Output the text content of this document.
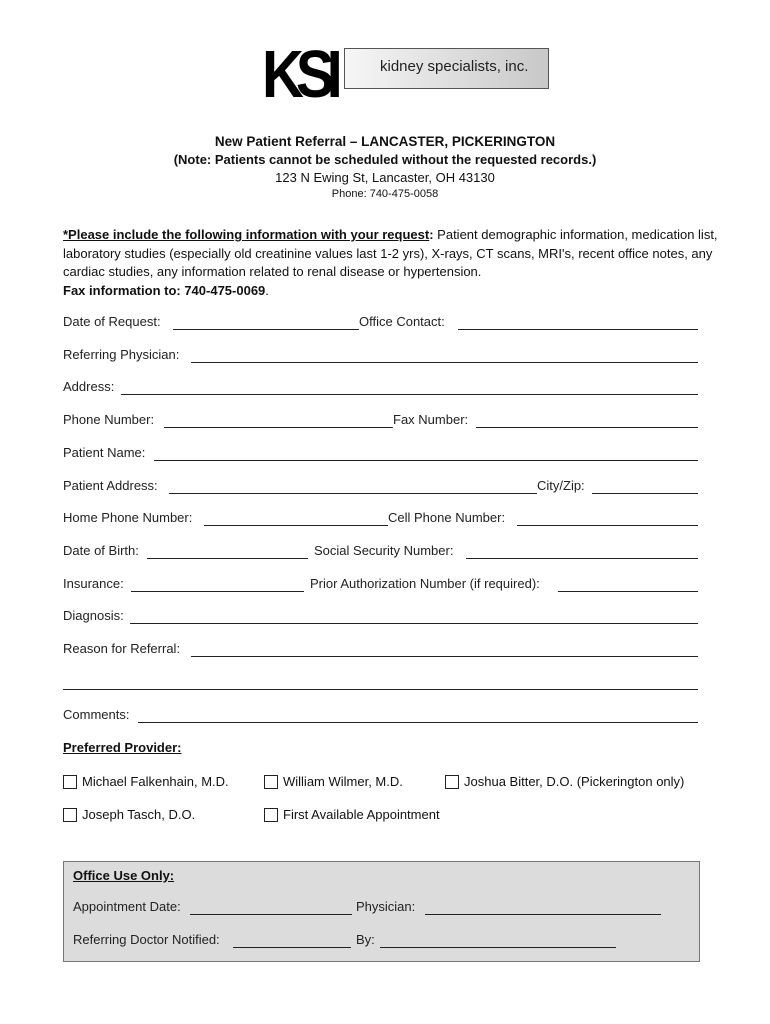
KSI	kidney specialists, inc.
New Patient Referral – LANCASTER, PICKERINGTON
(Note: Patients cannot be scheduled without the requested records.)
123 N Ewing St, Lancaster, OH 43130
Phone: 740-475-0058
*Please include the following information with your request: Patient demographic information, medication list, laboratory studies (especially old creatinine values last 1-2 yrs), X-rays, CT scans, MRI's, recent office notes, any cardiac studies, any information related to renal disease or hypertension.
Fax information to: 740-475-0069.
Date of Request:	Office Contact:
Referring Physician:
Address:
Phone Number:	Fax Number:
Patient Name:
Patient Address:	City/Zip:
Home Phone Number:	Cell Phone Number:
Date of Birth:	Social Security Number:
Insurance:	Prior Authorization Number (if required):
Diagnosis:
Reason for Referral:
Comments:
Preferred Provider:
Michael Falkenhain, M.D.	William Wilmer, M.D.	Joshua Bitter, D.O. (Pickerington only)
Joseph Tasch, D.O.	First Available Appointment
Office Use Only:
Appointment Date:	Physician:
Referring Doctor Notified:	By:
